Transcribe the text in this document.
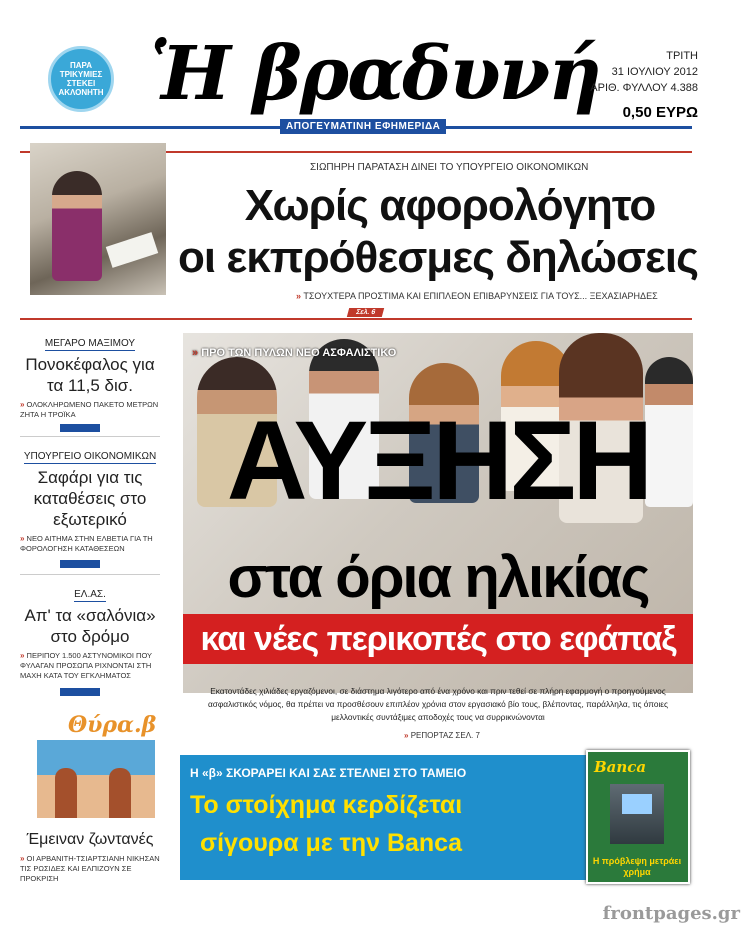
ΠΑΡΑ ΤΡΙΚΥΜΙΕΣ ΣΤΕΚΕΙ ΑΚΛΟΝΗΤΗ Ἡ βραδυνή
ΑΠΟΓΕΥΜΑΤΙΝΗ ΕΦΗΜΕΡΙΔΑ
ΤΡΙΤΗ
31 ΙΟΥΛΙΟΥ 2012
ΑΡΙΘ. ΦΥΛΛΟΥ 4.388
0,50 ΕΥΡΩ
ΣΙΩΠΗΡΗ ΠΑΡΑΤΑΣΗ ΔΙΝΕΙ ΤΟ ΥΠΟΥΡΓΕΙΟ ΟΙΚΟΝΟΜΙΚΩΝ
Χωρίς αφορολόγητο
οι εκπρόθεσμες δηλώσεις
» ΤΣΟΥΧΤΕΡΑ ΠΡΟΣΤΙΜΑ ΚΑΙ ΕΠΙΠΛΕΟΝ ΕΠΙΒΑΡΥΝΣΕΙΣ ΓΙΑ ΤΟΥΣ... ΞΕΧΑΣΙΑΡΗΔΕΣ
Σελ. 6
ΜΕΓΑΡΟ ΜΑΞΙΜΟΥ
Πονοκέφαλος για τα 11,5 δισ.
» ΟΛΟΚΛΗΡΩΜΕΝΟ ΠΑΚΕΤΟ ΜΕΤΡΩΝ ΖΗΤΑ Η ΤΡΟΪΚΑ
ΥΠΟΥΡΓΕΙΟ ΟΙΚΟΝΟΜΙΚΩΝ
Σαφάρι για τις καταθέσεις στο εξωτερικό
» ΝΕΟ ΑΙΤΗΜΑ ΣΤΗΝ ΕΛΒΕΤΙΑ ΓΙΑ ΤΗ ΦΟΡΟΛΟΓΗΣΗ ΚΑΤΑΘΕΣΕΩΝ
ΕΛ.ΑΣ.
Απ' τα «σαλόνια» στο δρόμο
» ΠΕΡΙΠΟΥ 1.500 ΑΣΤΥΝΟΜΙΚΟΙ ΠΟΥ ΦΥΛΑΓΑΝ ΠΡΟΣΩΠΑ ΡΙΧΝΟΝΤΑΙ ΣΤΗ ΜΑΧΗ ΚΑΤΑ ΤΟΥ ΕΓΚΛΗΜΑΤΟΣ
Θύρα.β
Έμειναν ζωντανές
» ΟΙ ΑΡΒΑΝΙΤΗ-ΤΣΙΑΡΤΣΙΑΝΗ ΝΙΚΗΣΑΝ ΤΙΣ ΡΩΣΙΔΕΣ ΚΑΙ ΕΛΠΙΖΟΥΝ ΣΕ ΠΡΟΚΡΙΣΗ
» ΠΡΟ ΤΩΝ ΠΥΛΩΝ ΝΕΟ ΑΣΦΑΛΙΣΤΙΚΟ
ΑΥΞΗΣΗ
στα όρια ηλικίας
και νέες περικοπές στο εφάπαξ
Εκατοντάδες χιλιάδες εργαζόμενοι, σε διάστημα λιγότερο από ένα χρόνο και πριν τεθεί σε πλήρη εφαρμογή ο προηγούμενος ασφαλιστικός νόμος, θα πρέπει να προσθέσουν επιπλέον χρόνια στον εργασιακό βίο τους, βλέποντας, παράλληλα, τις όποιες μελλοντικές συντάξιμες αποδοχές τους να συρρικνώνονται
» ΡΕΠΟΡΤΑΖ ΣΕΛ. 7
Η «β» ΣΚΟΡΑΡΕΙ ΚΑΙ ΣΑΣ ΣΤΕΛΝΕΙ ΣΤΟ ΤΑΜΕΙΟ
Το στοίχημα κερδίζεται
σίγουρα με την Banca
Banca
Η πρόβλεψη μετράει χρήμα
frontpages.gr
